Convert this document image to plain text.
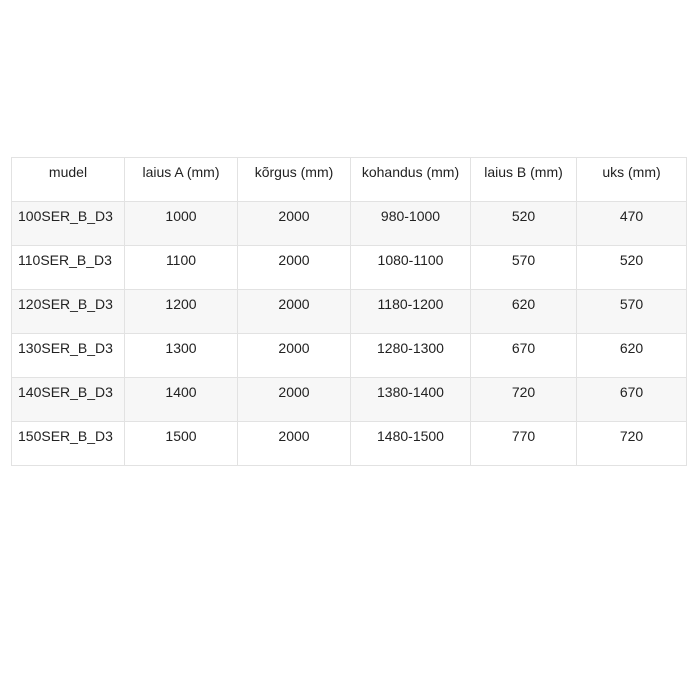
mudel	laius A (mm)	kõrgus (mm)	kohandus (mm)	laius B (mm)	uks (mm)
100SER_B_D3	1000	2000	980-1000	520	470
110SER_B_D3	1100	2000	1080-1100	570	520
120SER_B_D3	1200	2000	1180-1200	620	570
130SER_B_D3	1300	2000	1280-1300	670	620
140SER_B_D3	1400	2000	1380-1400	720	670
150SER_B_D3	1500	2000	1480-1500	770	720
